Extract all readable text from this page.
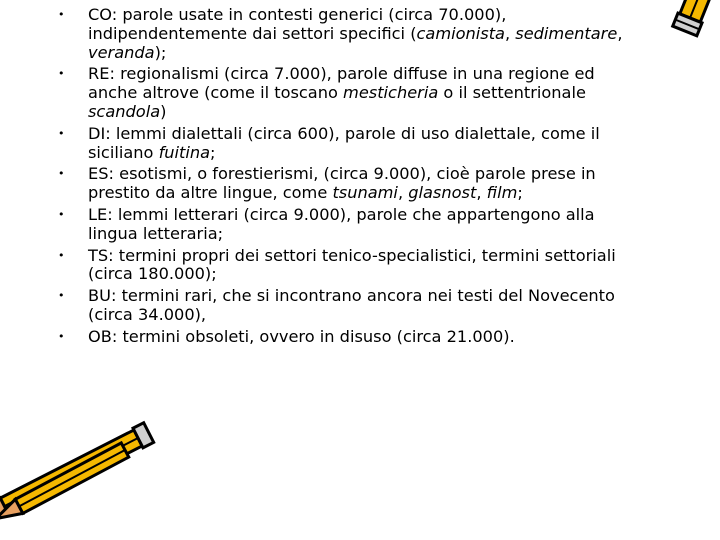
• CO: parole usate in contesti generici (circa 70.000), indipendentemente dai settori specifici (camionista, sedimentare, veranda);
• RE: regionalismi (circa 7.000), parole diffuse in una regione ed anche altrove (come il toscano mesticheria o il settentrionale scandola)
• DI: lemmi dialettali (circa 600), parole di uso dialettale, come il siciliano fuitina;
• ES: esotismi, o forestierismi, (circa 9.000), cioè parole prese in prestito da altre lingue, come tsunami, glasnost, film;
• LE: lemmi letterari (circa 9.000), parole che appartengono alla lingua letteraria;
• TS: termini propri dei settori tenico-specialistici, termini settoriali (circa 180.000);
• BU: termini rari, che si incontrano ancora nei testi del Novecento (circa 34.000),
• OB: termini obsoleti, ovvero in disuso (circa 21.000).
